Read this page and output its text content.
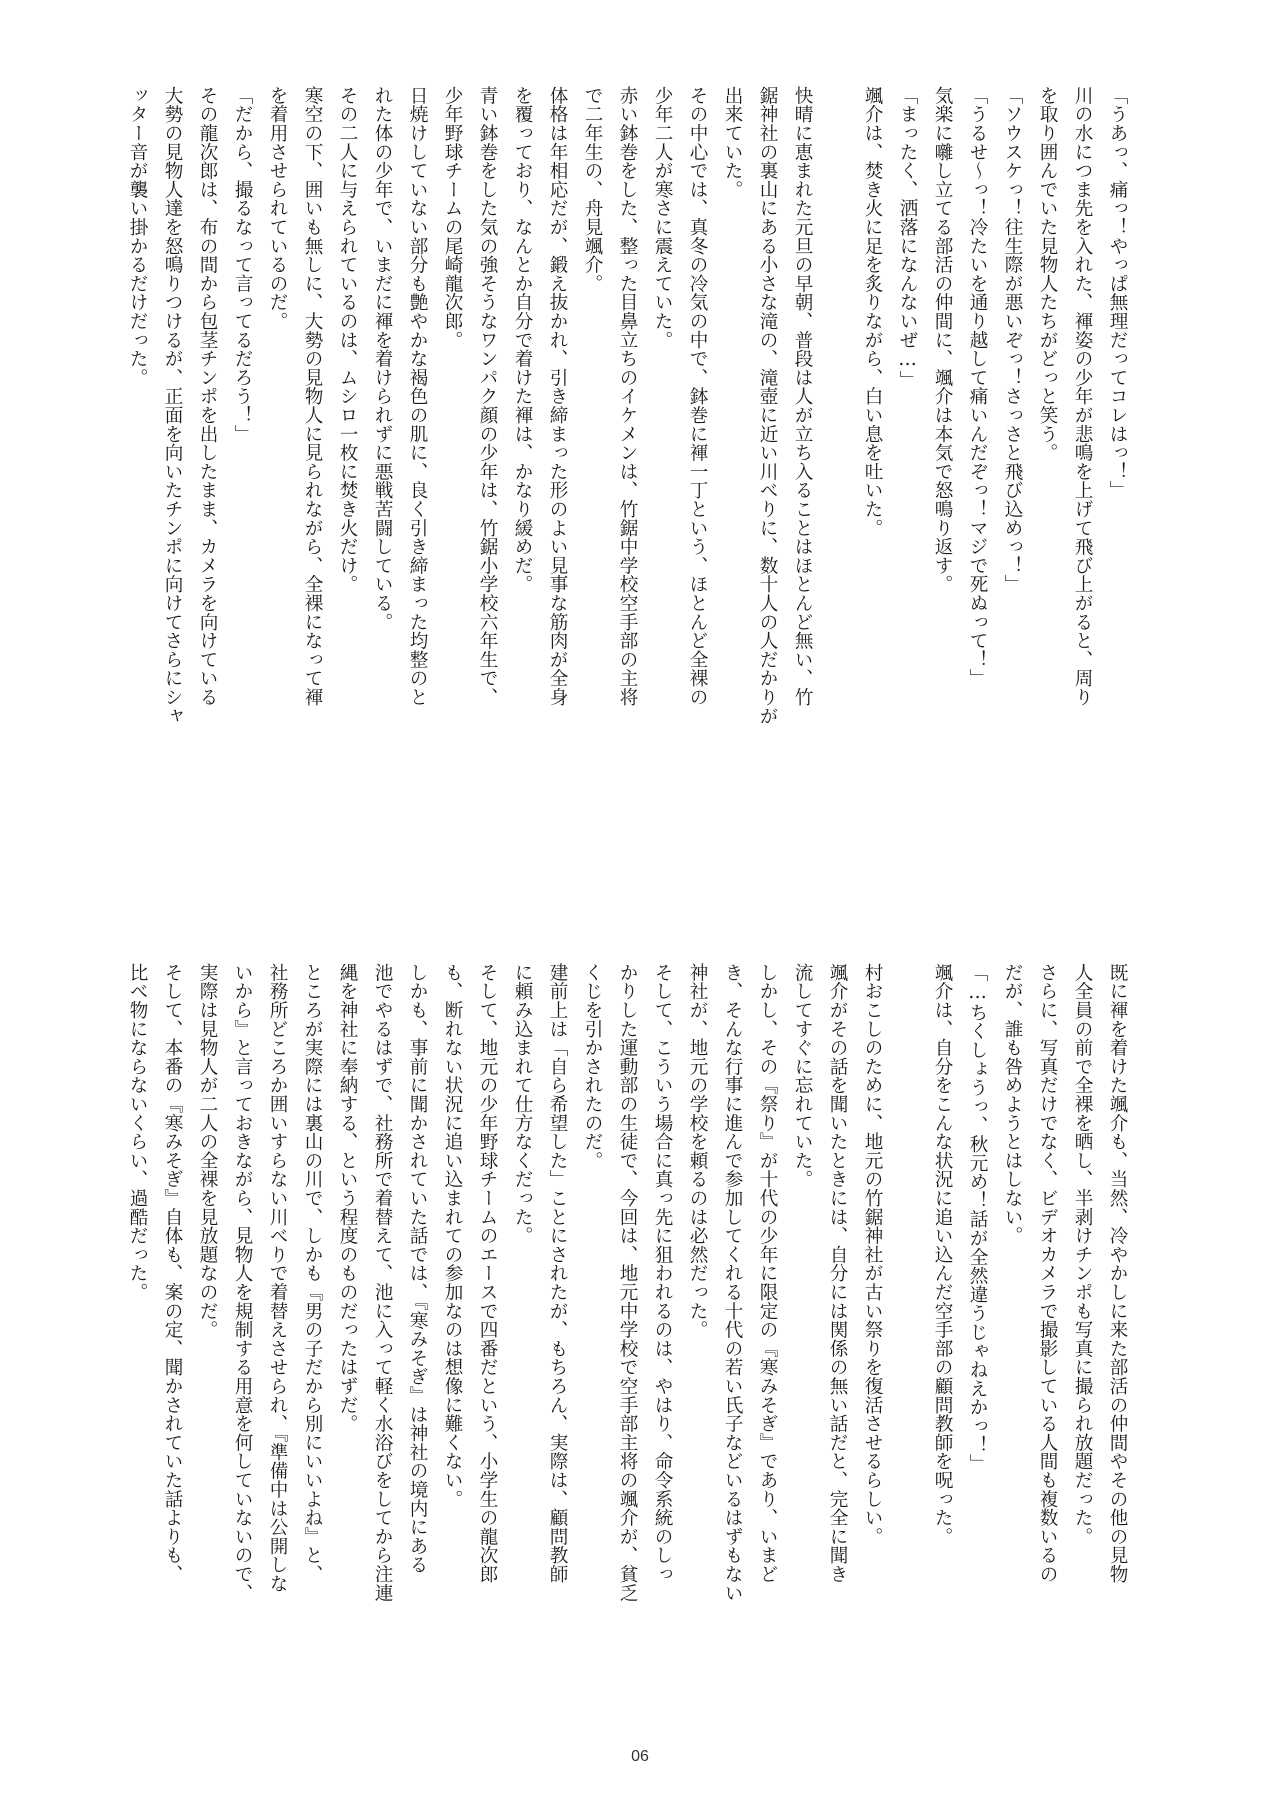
「うあっ、痛っ！やっぱ無理だってコレはっ！」

川の水につま先を入れた、褌姿の少年が悲鳴を上げて飛び上がると、周り

を取り囲んでいた見物人たちがどっと笑う。

「ソウスケっ！往生際が悪いぞっ！さっさと飛び込めっ！」

「うるせ～っ！冷たいを通り越して痛いんだぞっ！マジで死ぬって！」

気楽に囃し立てる部活の仲間に、颯介は本気で怒鳴り返す。

「まったく、洒落になんないぜ…」

颯介は、焚き火に足を炙りながら、白い息を吐いた。

快晴に恵まれた元旦の早朝、普段は人が立ち入ることはほとんど無い、竹

鋸神社の裏山にある小さな滝の、滝壺に近い川べりに、数十人の人だかりが

出来ていた。

その中心では、真冬の冷気の中で、鉢巻に褌一丁という、ほとんど全裸の

少年二人が寒さに震えていた。

赤い鉢巻をした、整った目鼻立ちのイケメンは、竹鋸中学校空手部の主将

で二年生の、舟見颯介。

体格は年相応だが、鍛え抜かれ、引き締まった形のよい見事な筋肉が全身

を覆っており、なんとか自分で着けた褌は、かなり緩めだ。

青い鉢巻をした気の強そうなワンパク顔の少年は、竹鋸小学校六年生で、

少年野球チームの尾崎龍次郎。

日焼けしていない部分も艶やかな褐色の肌に、良く引き締まった均整のと

れた体の少年で、いまだに褌を着けられずに悪戦苦闘している。

その二人に与えられているのは、ムシロ一枚に焚き火だけ。

寒空の下、囲いも無しに、大勢の見物人に見られながら、全裸になって褌

を着用させられているのだ。

「だから、撮るなって言ってるだろう！」

その龍次郎は、布の間から包茎チンポを出したまま、カメラを向けている

大勢の見物人達を怒鳴りつけるが、正面を向いたチンポに向けてさらにシャ

ッター音が襲い掛かるだけだった。

既に褌を着けた颯介も、当然、冷やかしに来た部活の仲間やその他の見物

人全員の前で全裸を晒し、半剥けチンポも写真に撮られ放題だった。

さらに、写真だけでなく、ビデオカメラで撮影している人間も複数いるの

だが、誰も咎めようとはしない。

「…ちくしょうっ、秋元め！話が全然違うじゃねえかっ！」

颯介は、自分をこんな状況に追い込んだ空手部の顧問教師を呪った。

村おこしのために、地元の竹鋸神社が古い祭りを復活させるらしい。

颯介がその話を聞いたときには、自分には関係の無い話だと、完全に聞き

流してすぐに忘れていた。

しかし、その『祭り』が十代の少年に限定の『寒みそぎ』であり、いまど

き、そんな行事に進んで参加してくれる十代の若い氏子などいるはずもない

神社が、地元の学校を頼るのは必然だった。

そして、こういう場合に真っ先に狙われるのは、やはり、命令系統のしっ

かりした運動部の生徒で、今回は、地元中学校で空手部主将の颯介が、貧乏

くじを引かされたのだ。

建前上は「自ら希望した」ことにされたが、もちろん、実際は、顧問教師

に頼み込まれて仕方なくだった。

そして、地元の少年野球チームのエースで四番だという、小学生の龍次郎

も、断れない状況に追い込まれての参加なのは想像に難くない。

しかも、事前に聞かされていた話では、『寒みそぎ』は神社の境内にある

池でやるはずで、社務所で着替えて、池に入って軽く水浴びをしてから注連

縄を神社に奉納する、という程度のものだったはずだ。

ところが実際には裏山の川で、しかも『男の子だから別にいいよね』と、

社務所どころか囲いすらない川べりで着替えさせられ、『準備中は公開しな

いから』と言っておきながら、見物人を規制する用意を何していないので、

実際は見物人が二人の全裸を見放題なのだ。

そして、本番の『寒みそぎ』自体も、案の定、聞かされていた話よりも、

比べ物にならないくらい、過酷だった。

06
